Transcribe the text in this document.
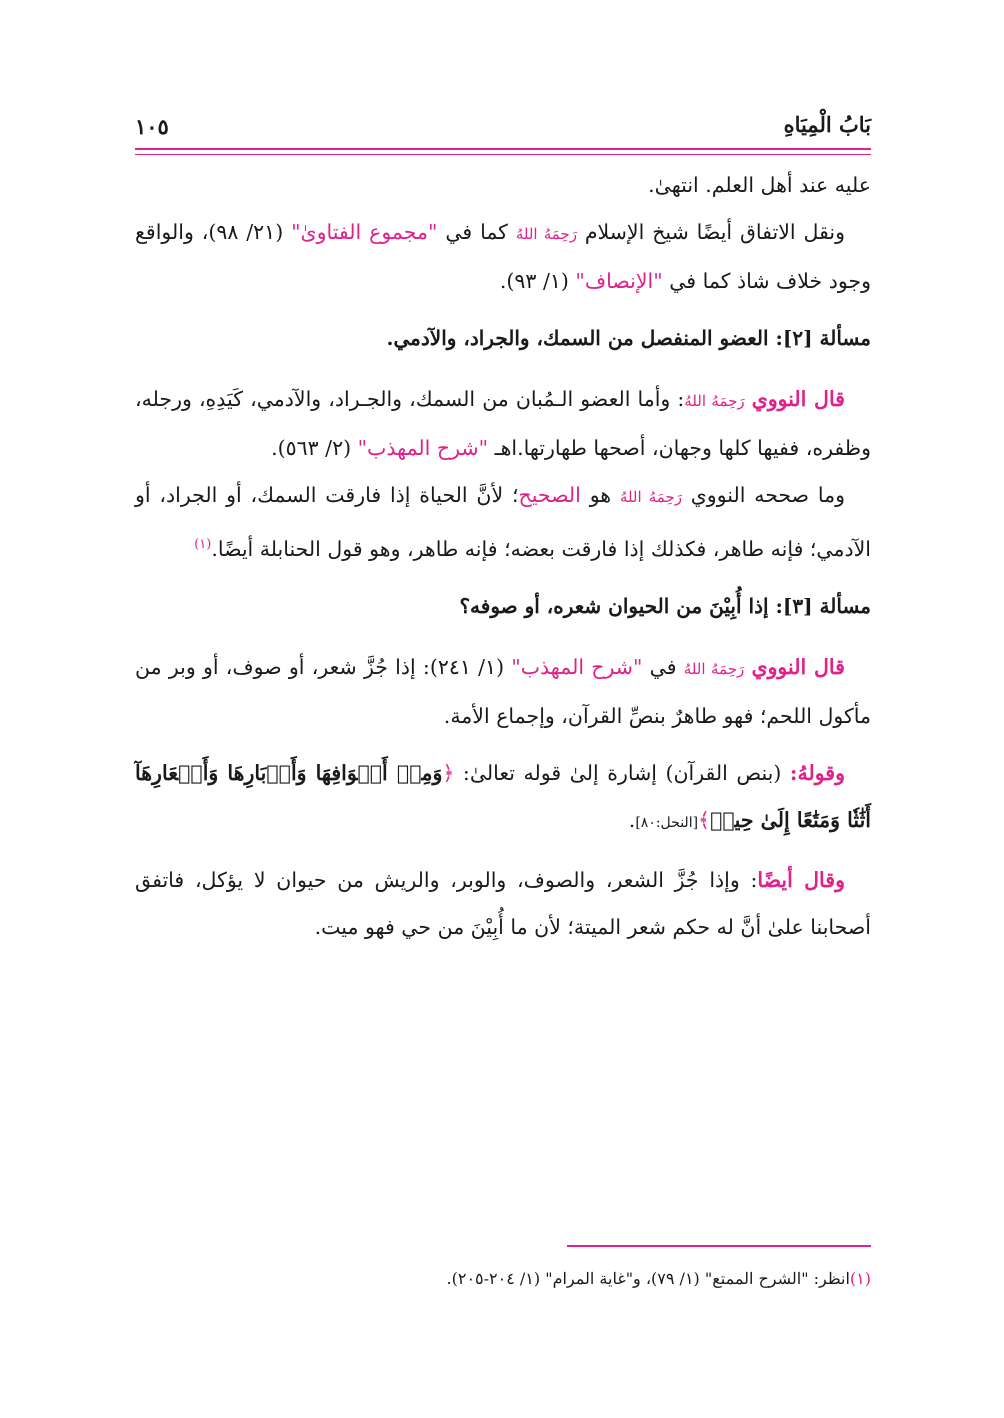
بَابُ الْمِيَاهِ
١٠٥

عليه عند أهل العلم. انتهىٰ.

ونقل الاتفاق أيضًا شيخ الإسلام رَحِمَهُ اللهُ كما في "مجموع الفتاوىٰ" (٢١/ ٩٨)، والواقع وجود خلاف شاذ كما في "الإنصاف" (١/ ٩٣).

مسألة [٢]: العضو المنفصل من السمك، والجراد، والآدمي.

قال النووي رَحِمَهُ اللهُ: وأما العضو الـمُبان من السمك، والجـراد، والآدمي، كَيَدِهِ، ورجله، وظفره، ففيها كلها وجهان، أصحها طهارتها.اهـ "شرح المهذب" (٢/ ٥٦٣).

وما صححه النووي رَحِمَهُ اللهُ هو الصحيح؛ لأنَّ الحياة إذا فارقت السمك، أو الجراد، أو الآدمي؛ فإنه طاهر، فكذلك إذا فارقت بعضه؛ فإنه طاهر، وهو قول الحنابلة أيضًا.$^{(١)}$

مسألة [٣]: إذا أُبِيْنَ من الحيوان شعره، أو صوفه؟

قال النووي رَحِمَهُ اللهُ في "شرح المهذب" (١/ ٢٤١): إذا جُزَّ شعر، أو صوف، أو وبر من مأكول اللحم؛ فهو طاهرٌ بنصِّ القرآن، وإجماع الأمة.

وقولهُ: (بنص القرآن) إشارة إلىٰ قوله تعالىٰ: ﴿وَمِنۡ أَصۡوَافِهَا وَأَوۡبَارِهَا وَأَشۡعَارِهَآ أَثَٰثٗا وَمَتَٰعًا إِلَىٰ حِينٖ﴾[النحل:٨٠].

وقال أيضًا: وإذا جُزَّ الشعر، والصوف، والوبر، والريش من حيوان لا يؤكل، فاتفق أصحابنا علىٰ أنَّ له حكم شعر الميتة؛ لأن ما أُبِيْنَ من حي فهو ميت.

(١)انظر: "الشرح الممتع" (١/ ٧٩)، و"غاية المرام" (١/ ٢٠٤-٢٠٥).
